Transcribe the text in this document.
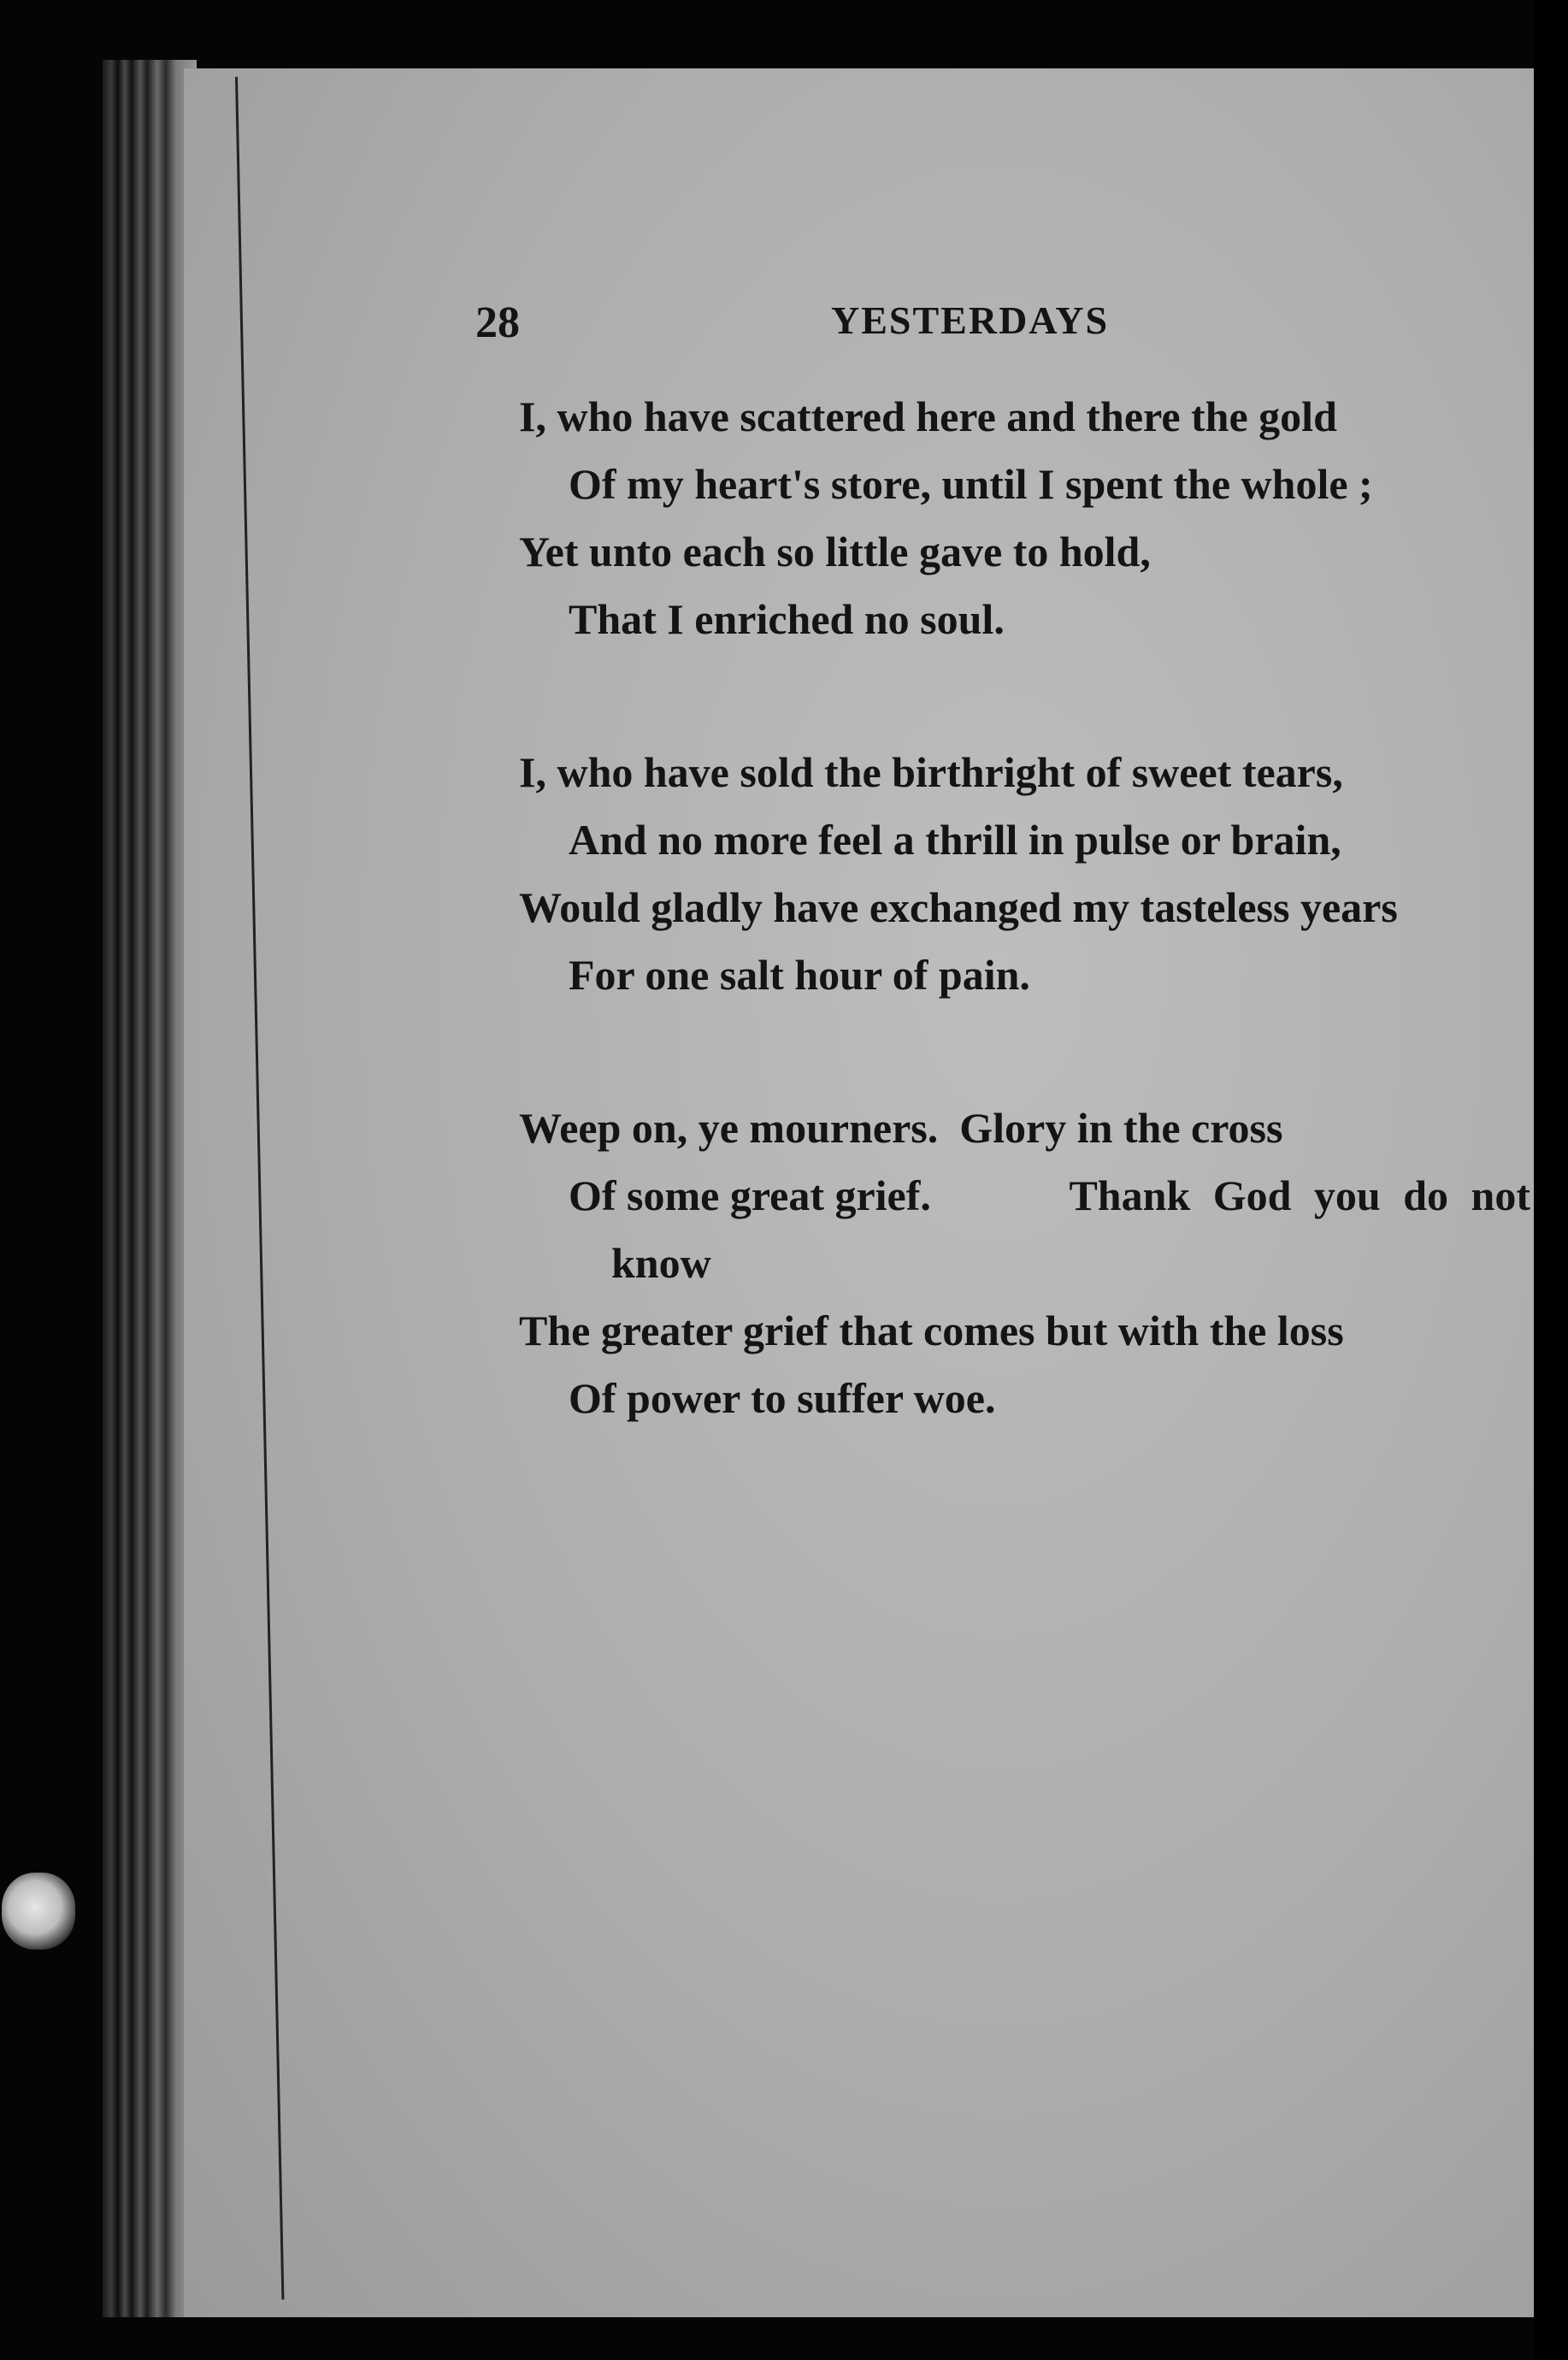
28	YESTERDAYS
I, who have scattered here and there the gold
Of my heart's store, until I spent the whole ;
Yet unto each so little gave to hold,
That I enriched no soul.
I, who have sold the birthright of sweet tears,
And no more feel a thrill in pulse or brain,
Would gladly have exchanged my tasteless years
For one salt hour of pain.
Weep on, ye mourners.  Glory in the cross
Of some great grief.	Thank God you do not
know
The greater grief that comes but with the loss
Of power to suffer woe.
